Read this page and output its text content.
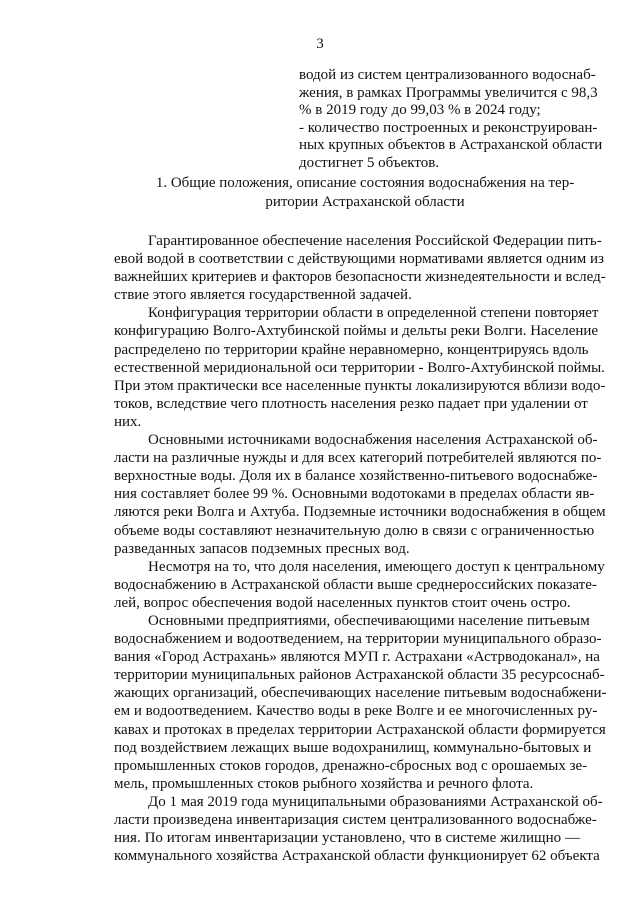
3
водой из систем централизованного водоснаб-
жения, в рамках Программы увеличится с 98,3
% в 2019 году до 99,03 % в 2024 году;
- количество построенных и реконструирован-
ных крупных объектов в Астраханской области
достигнет 5 объектов.
1. Общие положения, описание состояния водоснабжения на тер-
ритории Астраханской области
Гарантированное обеспечение населения Российской Федерации пить-
евой водой в соответствии с действующими нормативами является одним из
важнейших критериев и факторов безопасности жизнедеятельности и вслед-
ствие этого является государственной задачей.
Конфигурация территории области в определенной степени повторяет
конфигурацию Волго-Ахтубинской поймы и дельты реки Волги. Население
распределено по территории крайне неравномерно, концентрируясь вдоль
естественной меридиональной оси территории - Волго-Ахтубинской поймы.
При этом практически все населенные пункты локализируются вблизи водо-
токов, вследствие чего плотность населения резко падает при удалении от
них.
Основными источниками водоснабжения населения Астраханской об-
ласти на различные нужды и для всех категорий потребителей являются по-
верхностные воды. Доля их в балансе хозяйственно-питьевого водоснабже-
ния составляет более 99 %. Основными водотоками в пределах области яв-
ляются реки Волга и Ахтуба. Подземные источники водоснабжения в общем
объеме воды составляют незначительную долю в связи с ограниченностью
разведанных запасов подземных пресных вод.
Несмотря на то, что доля населения, имеющего доступ к центральному
водоснабжению в Астраханской области выше среднероссийских показате-
лей, вопрос обеспечения водой населенных пунктов стоит очень остро.
Основными предприятиями, обеспечивающими население питьевым
водоснабжением и водоотведением, на территории муниципального образо-
вания «Город Астрахань» являются МУП г. Астрахани «Астрводоканал», на
территории муниципальных районов Астраханской области 35 ресурсоснаб-
жающих организаций, обеспечивающих население питьевым водоснабжени-
ем и водоотведением. Качество воды в реке Волге и ее многочисленных ру-
кавах и протоках в пределах территории Астраханской области формируется
под воздействием лежащих выше водохранилищ, коммунально-бытовых и
промышленных стоков городов, дренажно-сбросных вод с орошаемых зе-
мель, промышленных стоков рыбного хозяйства и речного флота.
До 1 мая 2019 года муниципальными образованиями Астраханской об-
ласти произведена инвентаризация систем централизованного водоснабже-
ния. По итогам инвентаризации установлено, что в системе жилищно —
коммунального хозяйства Астраханской области функционирует 62 объекта
